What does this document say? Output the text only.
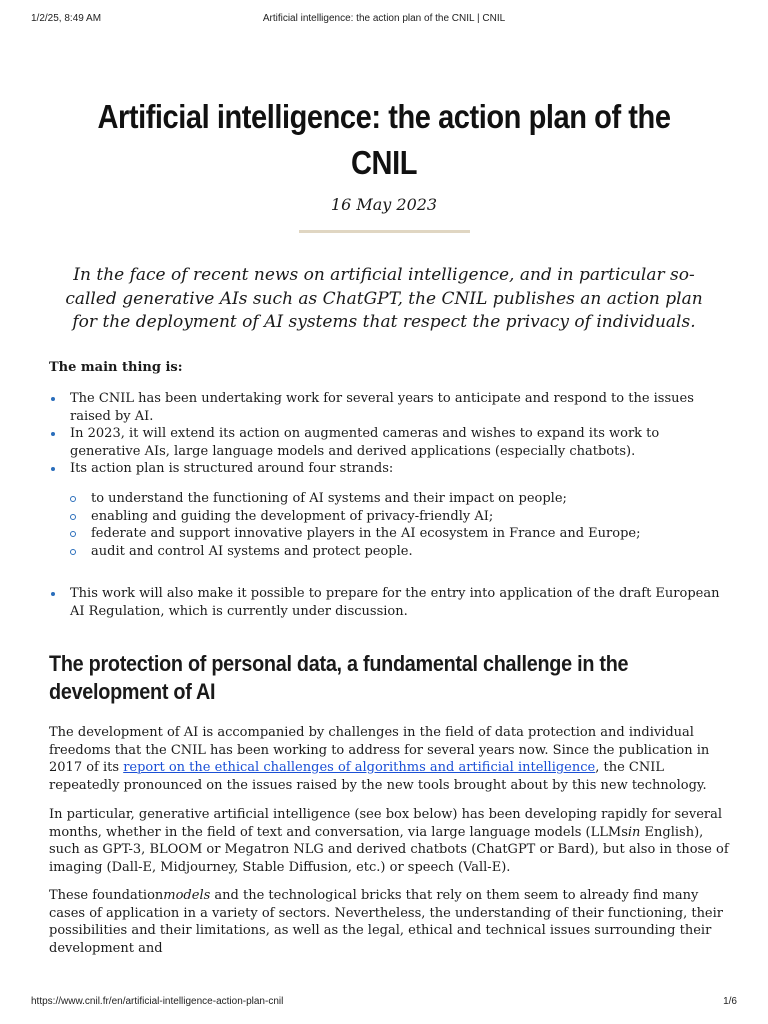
1/2/25, 8:49 AM	Artificial intelligence: the action plan of the CNIL | CNIL
Artificial intelligence: the action plan of the CNIL
16 May 2023

In the face of recent news on artificial intelligence, and in particular so-called generative AIs such as ChatGPT, the CNIL publishes an action plan for the deployment of AI systems that respect the privacy of individuals.

The main thing is:

The CNIL has been undertaking work for several years to anticipate and respond to the issues raised by AI.
In 2023, it will extend its action on augmented cameras and wishes to expand its work to generative AIs, large language models and derived applications (especially chatbots).
Its action plan is structured around four strands:
to understand the functioning of AI systems and their impact on people;
enabling and guiding the development of privacy-friendly AI;
federate and support innovative players in the AI ecosystem in France and Europe;
audit and control AI systems and protect people.
This work will also make it possible to prepare for the entry into application of the draft European AI Regulation, which is currently under discussion.
The protection of personal data, a fundamental challenge in the development of AI

The development of AI is accompanied by challenges in the field of data protection and individual freedoms that the CNIL has been working to address for several years now. Since the publication in 2017 of its report on the ethical challenges of algorithms and artificial intelligence, the CNIL repeatedly pronounced on the issues raised by the new tools brought about by this new technology.

In particular, generative artificial intelligence (see box below) has been developing rapidly for several months, whether in the field of text and conversation, via large language models (LLMsin English), such as GPT-3, BLOOM or Megatron NLG and derived chatbots (ChatGPT or Bard), but also in those of imaging (Dall-E, Midjourney, Stable Diffusion, etc.) or speech (Vall-E).

These foundationmodels and the technological bricks that rely on them seem to already find many cases of application in a variety of sectors. Nevertheless, the understanding of their functioning, their possibilities and their limitations, as well as the legal, ethical and technical issues surrounding their development and

https://www.cnil.fr/en/artificial-intelligence-action-plan-cnil	1/6
